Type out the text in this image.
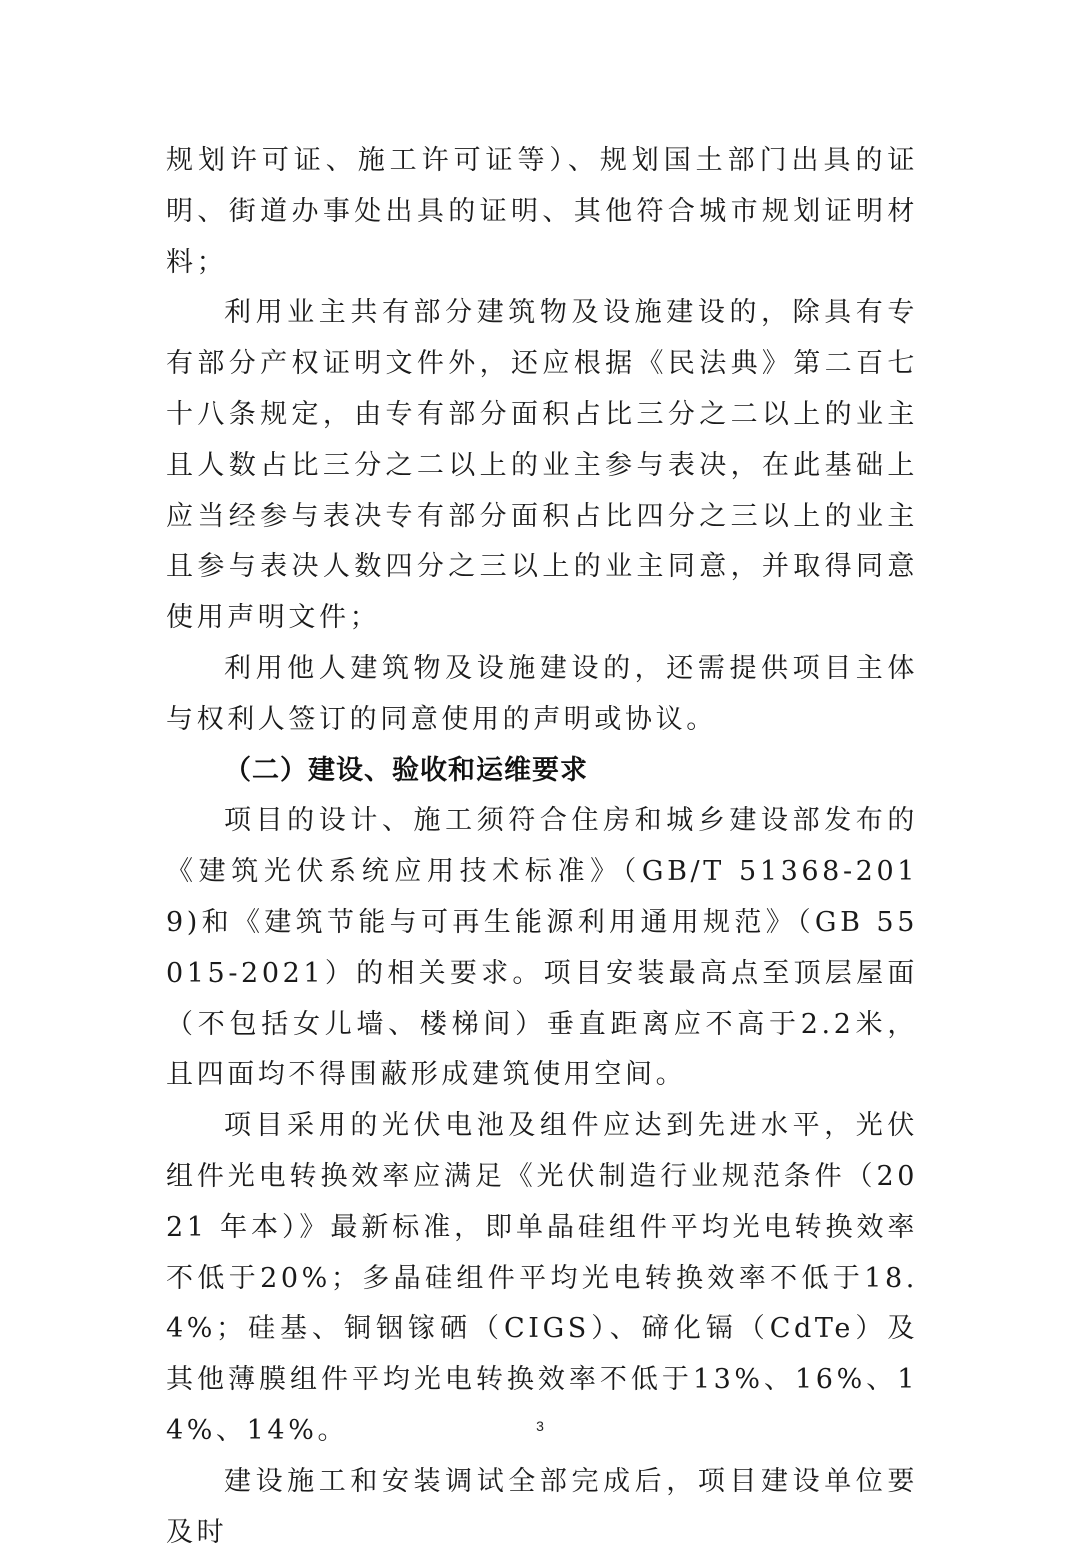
规划许可证、施工许可证等）、规划国土部门出具的证明、街道办事处出具的证明、其他符合城市规划证明材料；

利用业主共有部分建筑物及设施建设的，除具有专有部分产权证明文件外，还应根据《民法典》第二百七十八条规定，由专有部分面积占比三分之二以上的业主且人数占比三分之二以上的业主参与表决，在此基础上应当经参与表决专有部分面积占比四分之三以上的业主且参与表决人数四分之三以上的业主同意，并取得同意使用声明文件；

利用他人建筑物及设施建设的，还需提供项目主体与权利人签订的同意使用的声明或协议。

（二）建设、验收和运维要求

项目的设计、施工须符合住房和城乡建设部发布的《建筑光伏系统应用技术标准》（GB/T 51368-2019)和《建筑节能与可再生能源利用通用规范》（GB 55015-2021）的相关要求。项目安装最高点至顶层屋面（不包括女儿墙、楼梯间）垂直距离应不高于2.2米，且四面均不得围蔽形成建筑使用空间。

项目采用的光伏电池及组件应达到先进水平，光伏组件光电转换效率应满足《光伏制造行业规范条件（2021 年本）》最新标准，即单晶硅组件平均光电转换效率不低于20%；多晶硅组件平均光电转换效率不低于18.4%；硅基、铜铟镓硒（CIGS）、碲化镉（CdTe）及其他薄膜组件平均光电转换效率不低于13%、16%、14%、14%。

建设施工和安装调试全部完成后，项目建设单位要及时

3
